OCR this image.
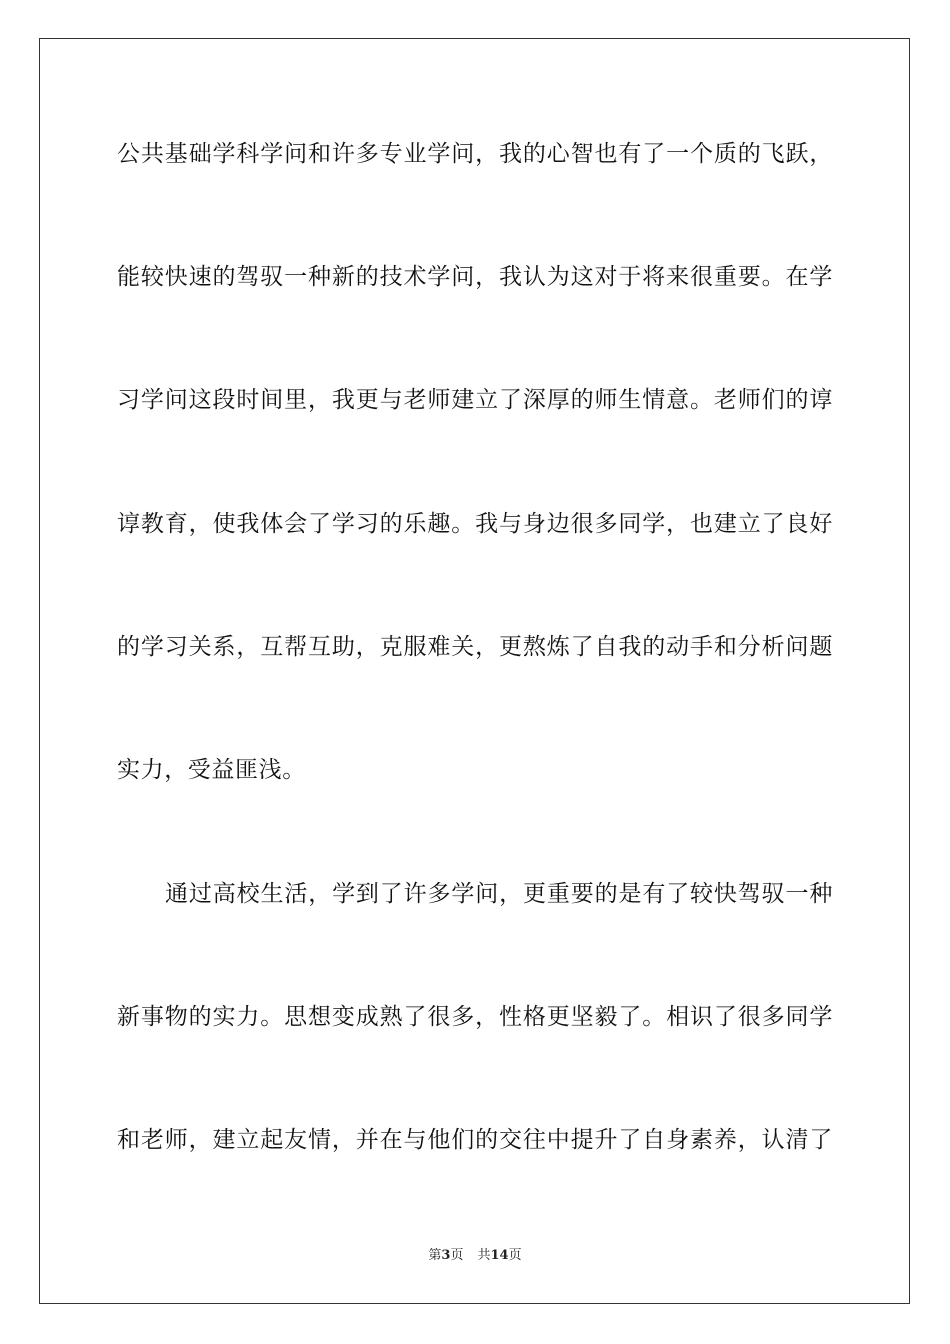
公共基础学科学问和许多专业学问，我的心智也有了一个质的飞跃，
能较快速的驾驭一种新的技术学问，我认为这对于将来很重要。在学
习学问这段时间里，我更与老师建立了深厚的师生情意。老师们的谆
谆教育，使我体会了学习的乐趣。我与身边很多同学，也建立了良好
的学习关系，互帮互助，克服难关，更熬炼了自我的动手和分析问题
实力，受益匪浅。
通过高校生活，学到了许多学问，更重要的是有了较快驾驭一种
新事物的实力。思想变成熟了很多，性格更坚毅了。相识了很多同学
和老师，建立起友情，并在与他们的交往中提升了自身素养，认清了
第3页 共14页
